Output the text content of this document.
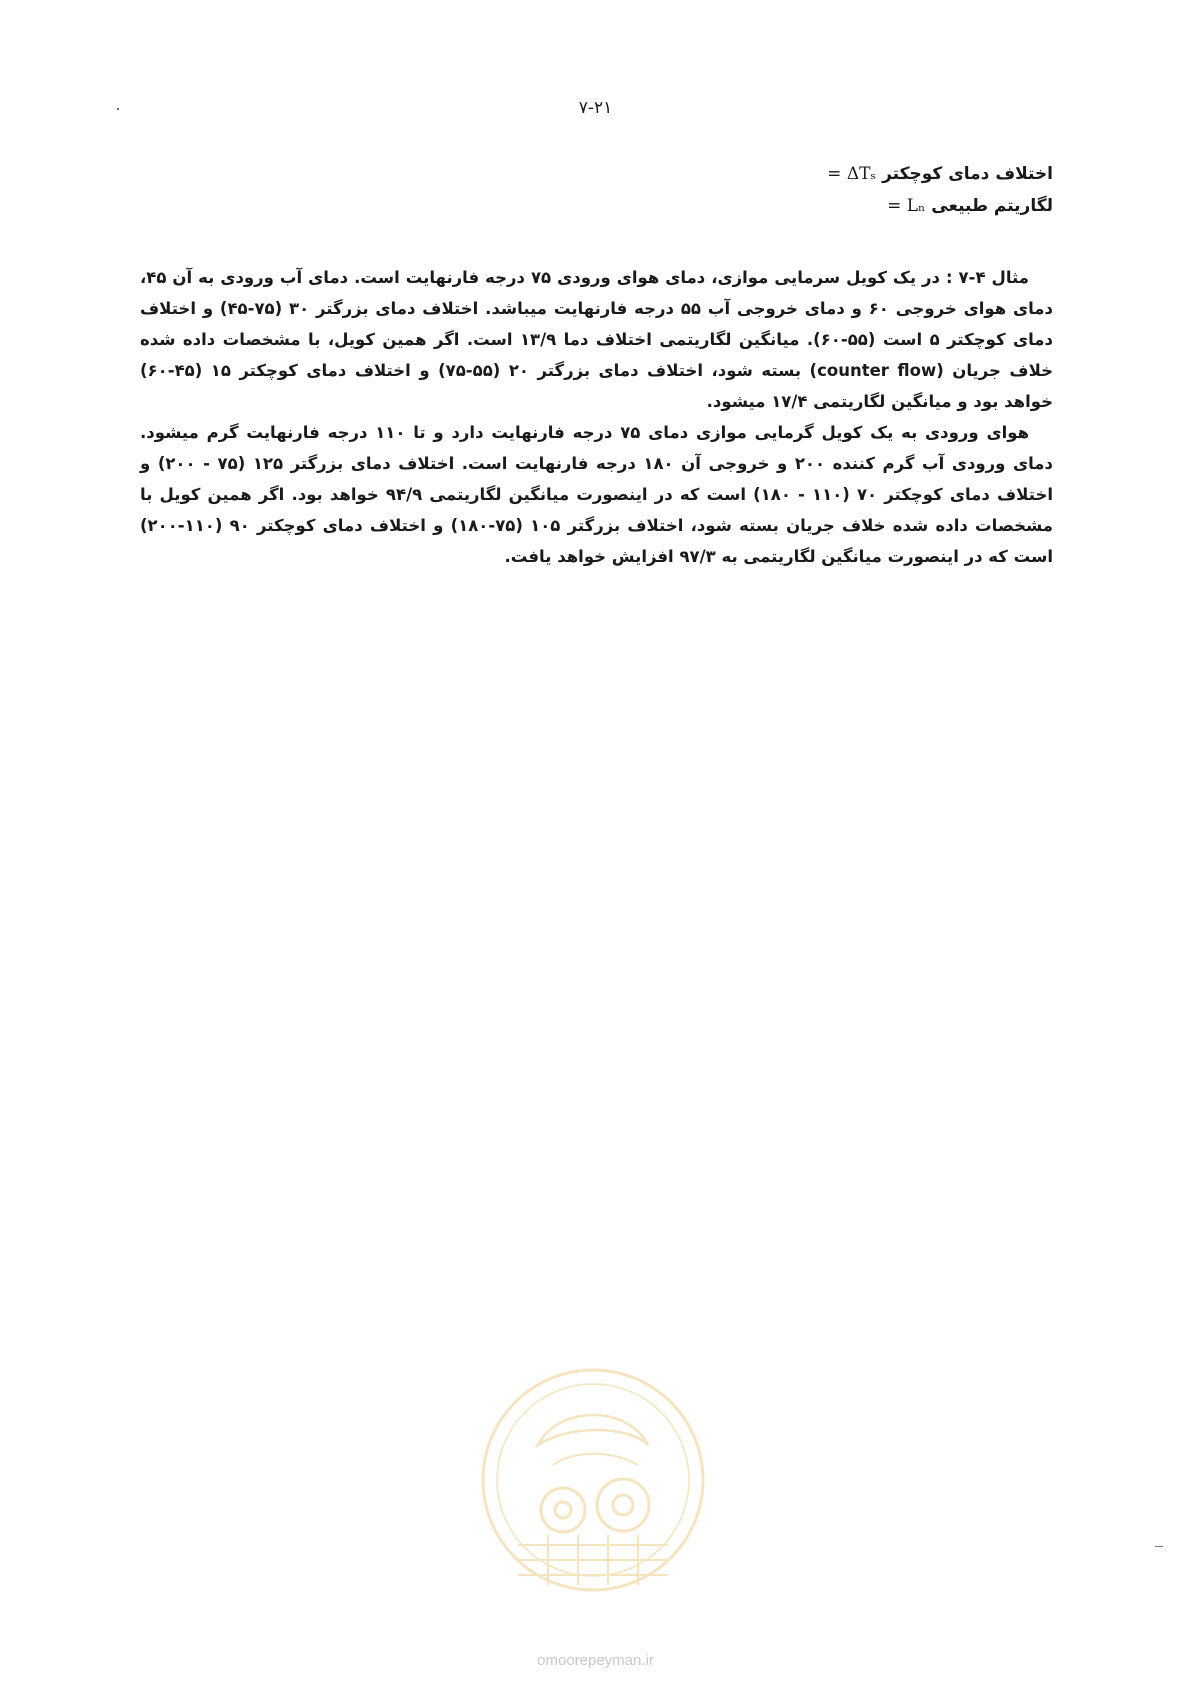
۷-۲۱
اختلاف دمای کوچکتر ΔTₛ =
لگاریتم طبیعی Lₙ =

مثال ۴-۷ : در یک کویل سرمایی موازی، دمای هوای ورودی ۷۵ درجه فارنهایت است. دمای آب ورودی به آن ۴۵، دمای هوای خروجی ۶۰ و دمای خروجی آب ۵۵ درجه فارنهایت میباشد. اختلاف دمای بزرگتر ۳۰ (۷۵-۴۵) و اختلاف دمای کوچکتر ۵ است (۵۵-۶۰). میانگین لگاریتمی اختلاف دما ۱۳/۹ است. اگر همین کویل، با مشخصات داده شده خلاف جریان (counter flow) بسته شود، اختلاف دمای بزرگتر ۲۰ (۵۵-۷۵) و اختلاف دمای کوچکتر ۱۵ (۴۵-۶۰) خواهد بود و میانگین لگاریتمی ۱۷/۴ میشود.

هوای ورودی به یک کویل گرمایی موازی دمای ۷۵ درجه فارنهایت دارد و تا ۱۱۰ درجه فارنهایت گرم میشود. دمای ورودی آب گرم کننده ۲۰۰ و خروجی آن ۱۸۰ درجه فارنهایت است. اختلاف دمای بزرگتر ۱۲۵ (۷۵ - ۲۰۰) و اختلاف دمای کوچکتر ۷۰ (۱۱۰ - ۱۸۰) است که در اینصورت میانگین لگاریتمی ۹۴/۹ خواهد بود. اگر همین کویل با مشخصات داده شده خلاف جریان بسته شود، اختلاف بزرگتر ۱۰۵ (۷۵-۱۸۰) و اختلاف دمای کوچکتر ۹۰ (۱۱۰-۲۰۰) است که در اینصورت میانگین لگاریتمی به ۹۷/۳ افزایش خواهد یافت.

omoorepeyman.ir
